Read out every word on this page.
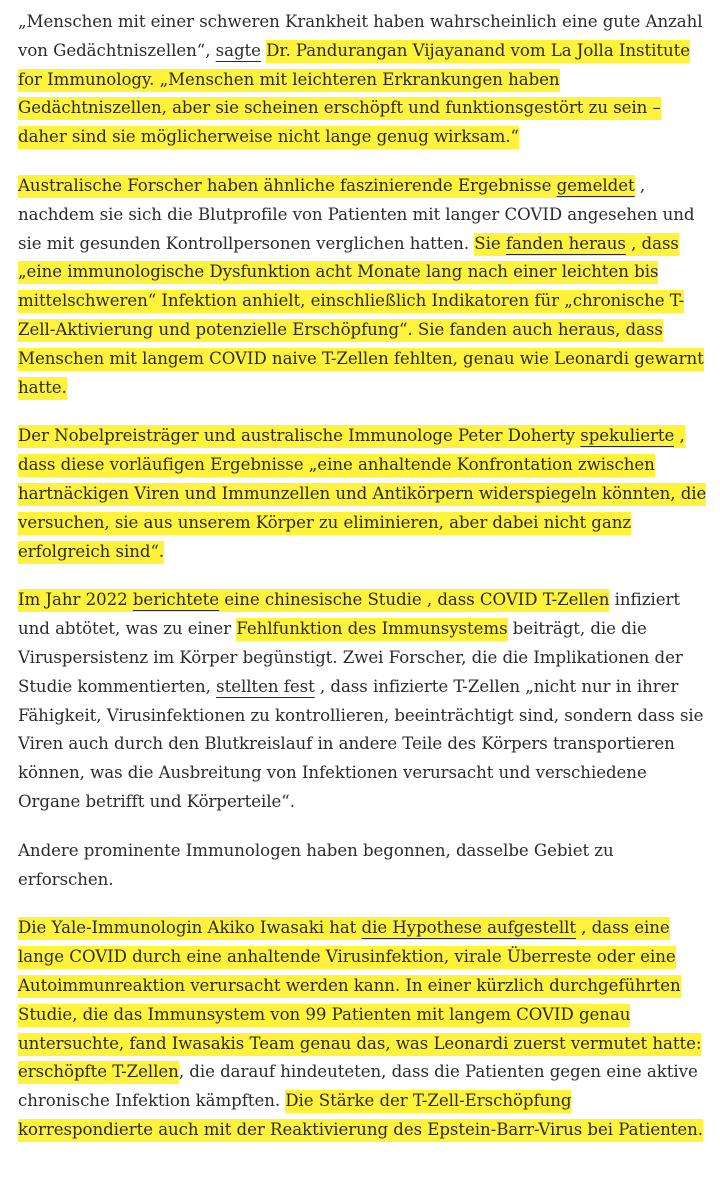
„Menschen mit einer schweren Krankheit haben wahrscheinlich eine gute Anzahl von Gedächtniszellen“, sagte Dr. Pandurangan Vijayanand vom La Jolla Institute for Immunology. „Menschen mit leichteren Erkrankungen haben Gedächtniszellen, aber sie scheinen erschöpft und funktionsgestört zu sein – daher sind sie möglicherweise nicht lange genug wirksam.“

Australische Forscher haben ähnliche faszinierende Ergebnisse gemeldet , nachdem sie sich die Blutprofile von Patienten mit langer COVID angesehen und sie mit gesunden Kontrollpersonen verglichen hatten. Sie fanden heraus , dass „eine immunologische Dysfunktion acht Monate lang nach einer leichten bis mittelschweren“ Infektion anhielt, einschließlich Indikatoren für „chronische T-Zell-Aktivierung und potenzielle Erschöpfung“. Sie fanden auch heraus, dass Menschen mit langem COVID naive T-Zellen fehlten, genau wie Leonardi gewarnt hatte.

Der Nobelpreisträger und australische Immunologe Peter Doherty spekulierte , dass diese vorläufigen Ergebnisse „eine anhaltende Konfrontation zwischen hartnäckigen Viren und Immunzellen und Antikörpern widerspiegeln könnten, die versuchen, sie aus unserem Körper zu eliminieren, aber dabei nicht ganz erfolgreich sind“.

Im Jahr 2022 berichtete eine chinesische Studie , dass COVID T-Zellen infiziert und abtötet, was zu einer Fehlfunktion des Immunsystems beiträgt, die die Viruspersistenz im Körper begünstigt. Zwei Forscher, die die Implikationen der Studie kommentierten, stellten fest , dass infizierte T-Zellen „nicht nur in ihrer Fähigkeit, Virusinfektionen zu kontrollieren, beeinträchtigt sind, sondern dass sie Viren auch durch den Blutkreislauf in andere Teile des Körpers transportieren können, was die Ausbreitung von Infektionen verursacht und verschiedene Organe betrifft und Körperteile“.

Andere prominente Immunologen haben begonnen, dasselbe Gebiet zu erforschen.

Die Yale-Immunologin Akiko Iwasaki hat die Hypothese aufgestellt , dass eine lange COVID durch eine anhaltende Virusinfektion, virale Überreste oder eine Autoimmunreaktion verursacht werden kann. In einer kürzlich durchgeführten Studie, die das Immunsystem von 99 Patienten mit langem COVID genau untersuchte, fand Iwasakis Team genau das, was Leonardi zuerst vermutet hatte: erschöpfte T-Zellen, die darauf hindeuteten, dass die Patienten gegen eine aktive chronische Infektion kämpften. Die Stärke der T-Zell-Erschöpfung korrespondierte auch mit der Reaktivierung des Epstein-Barr-Virus bei Patienten.
